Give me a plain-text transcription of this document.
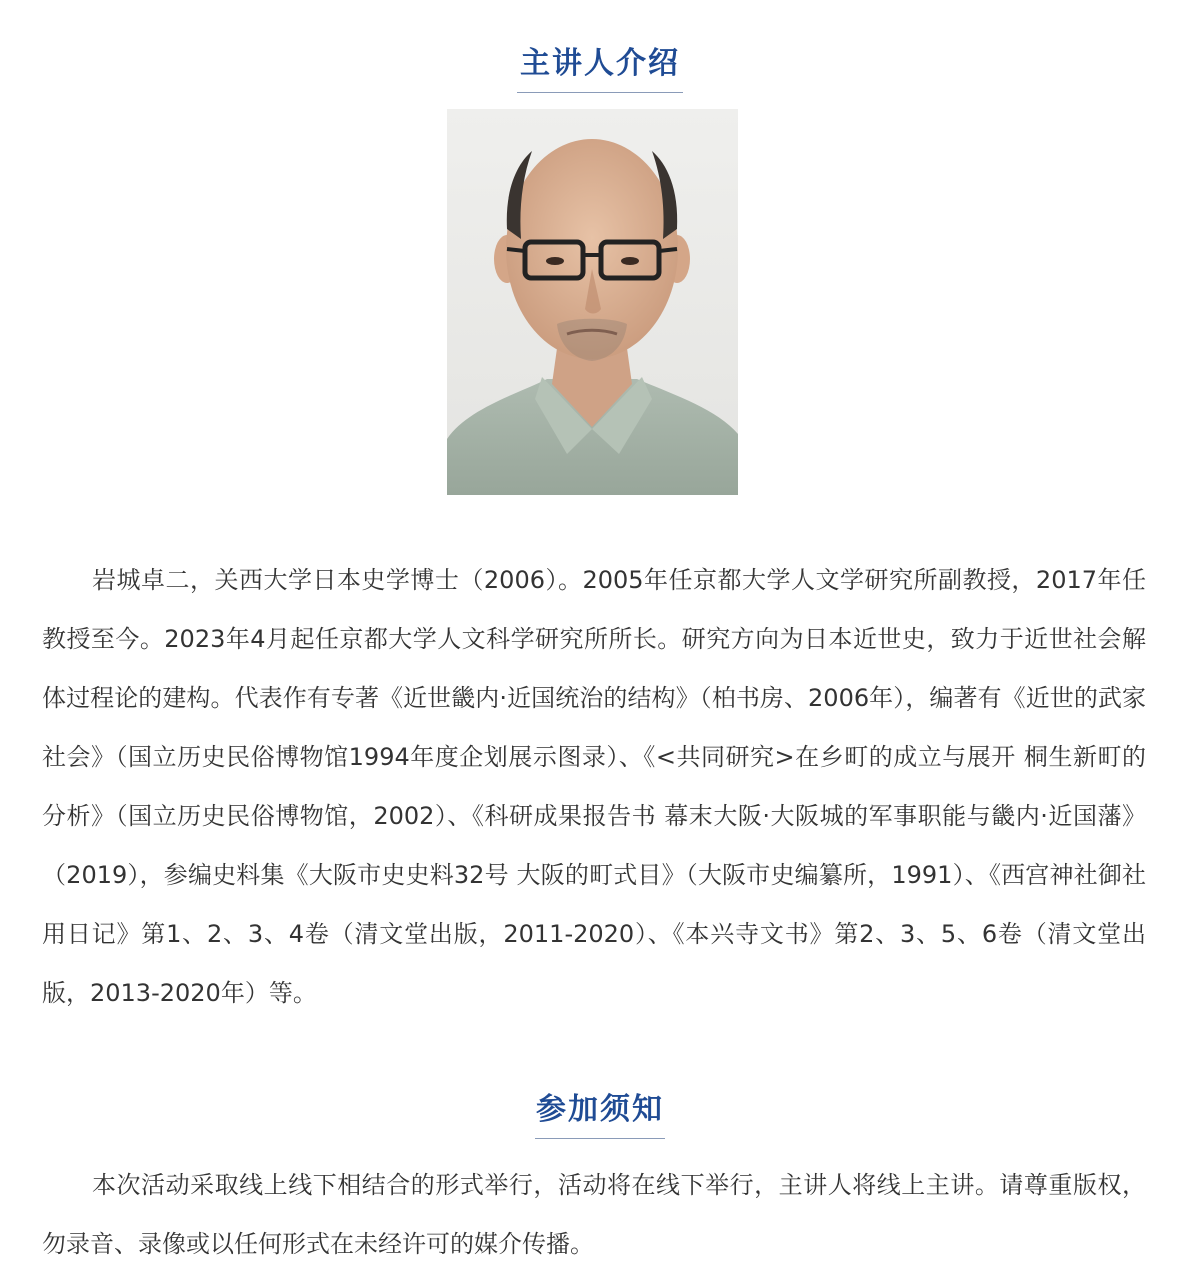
主讲人介绍

岩城卓二，关西大学日本史学博士（2006）。2005年任京都大学人文学研究所副教授，2017年任教授至今。2023年4月起任京都大学人文科学研究所所长。研究方向为日本近世史，致力于近世社会解体过程论的建构。代表作有专著《近世畿内·近国统治的结构》（柏书房、2006年），编著有《近世的武家社会》（国立历史民俗博物馆1994年度企划展示图录）、《<共同研究>在乡町的成立与展开 桐生新町的分析》（国立历史民俗博物馆，2002）、《科研成果报告书 幕末大阪·大阪城的军事职能与畿内·近国藩》（2019），参编史料集《大阪市史史料32号 大阪的町式目》（大阪市史编纂所，1991）、《西宫神社御社用日记》第1、2、3、4卷（清文堂出版，2011-2020）、《本兴寺文书》第2、3、5、6卷（清文堂出版，2013-2020年）等。

参加须知

本次活动采取线上线下相结合的形式举行，活动将在线下举行，主讲人将线上主讲。请尊重版权，勿录音、录像或以任何形式在未经许可的媒介传播。
